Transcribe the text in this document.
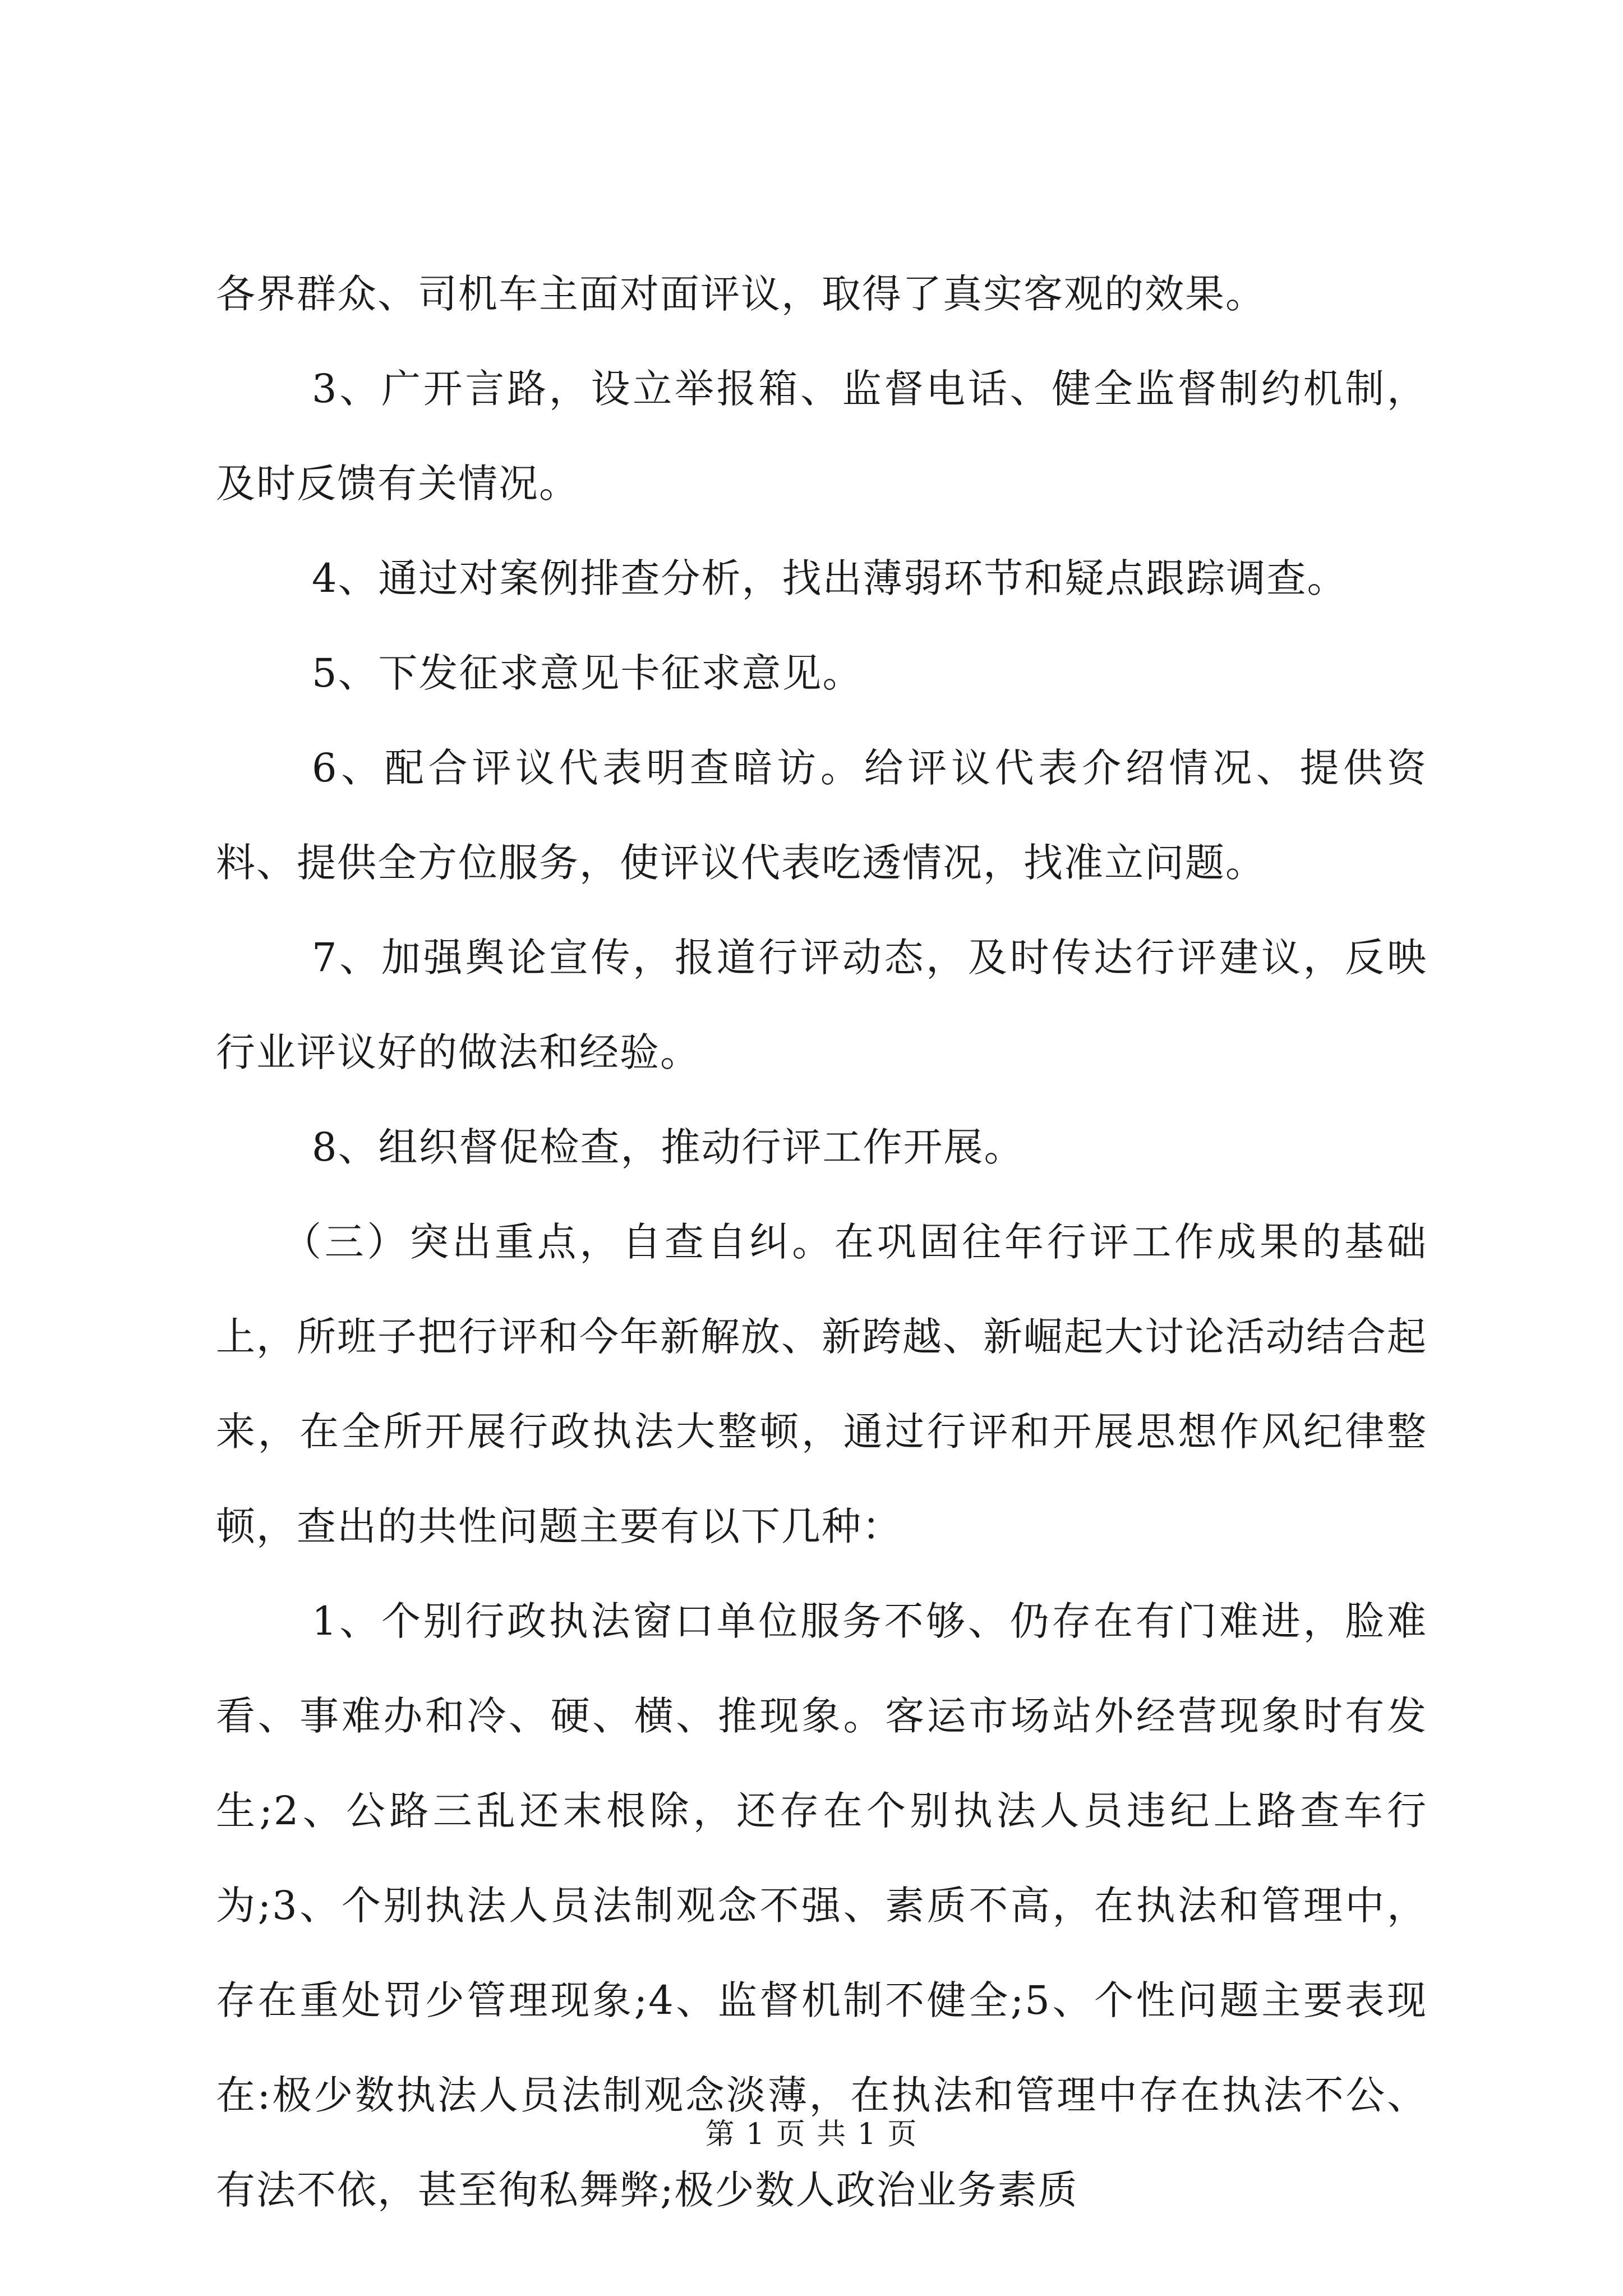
各界群众、司机车主面对面评议，取得了真实客观的效果。

3、广开言路，设立举报箱、监督电话、健全监督制约机制，及时反馈有关情况。

4、通过对案例排查分析，找出薄弱环节和疑点跟踪调查。

5、下发征求意见卡征求意见。

6、配合评议代表明查暗访。给评议代表介绍情况、提供资料、提供全方位服务，使评议代表吃透情况，找准立问题。

7、加强舆论宣传，报道行评动态，及时传达行评建议，反映行业评议好的做法和经验。

8、组织督促检查，推动行评工作开展。

（三）突出重点，自查自纠。在巩固往年行评工作成果的基础上，所班子把行评和今年新解放、新跨越、新崛起大讨论活动结合起来，在全所开展行政执法大整顿，通过行评和开展思想作风纪律整顿，查出的共性问题主要有以下几种：

1、个别行政执法窗口单位服务不够、仍存在有门难进，脸难看、事难办和冷、硬、横、推现象。客运市场站外经营现象时有发生;2、公路三乱还末根除，还存在个别执法人员违纪上路查车行为;3、个别执法人员法制观念不强、素质不高，在执法和管理中，存在重处罚少管理现象;4、监督机制不健全;5、个性问题主要表现在:极少数执法人员法制观念淡薄，在执法和管理中存在执法不公、有法不依，甚至徇私舞弊;极少数人政治业务素质

第 1 页 共 1 页
